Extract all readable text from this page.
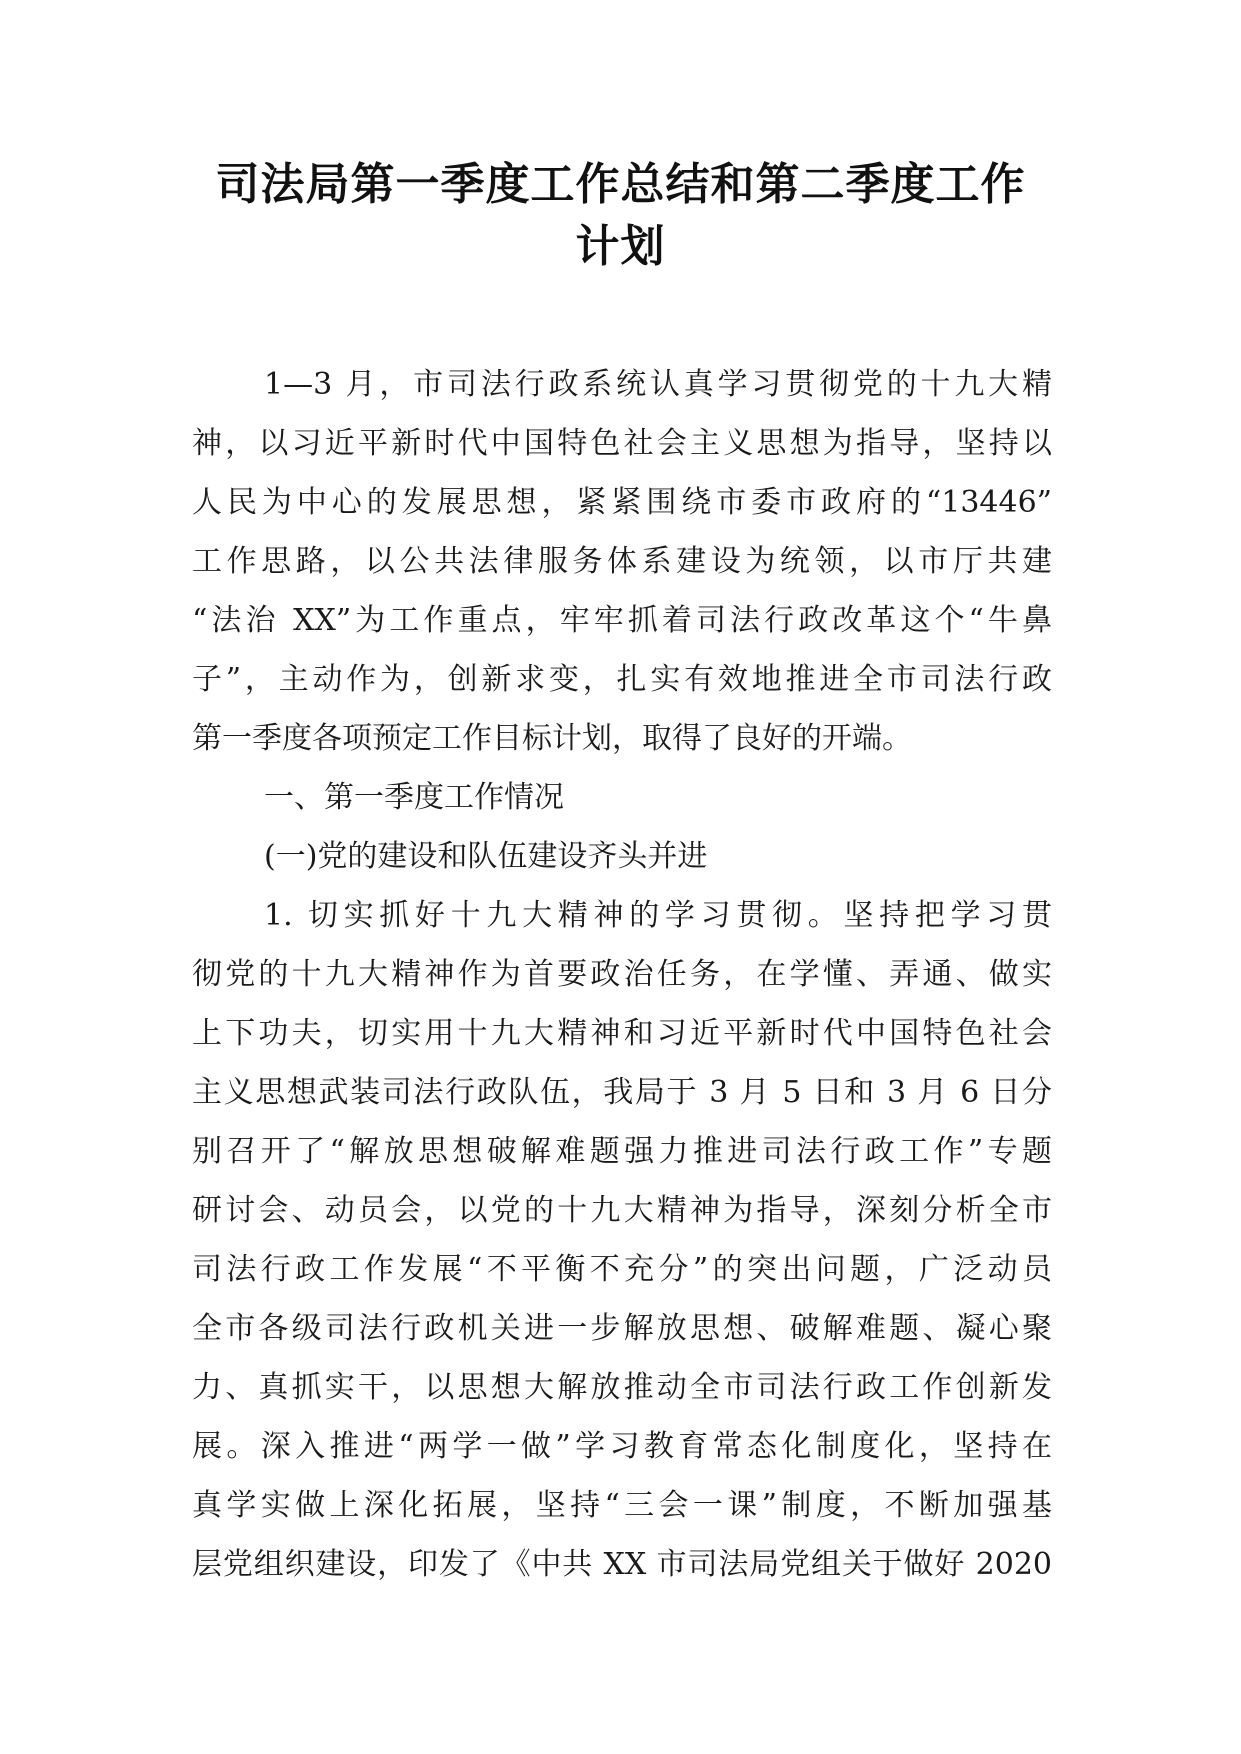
司法局第一季度工作总结和第二季度工作
计划
1—3 月，市司法行政系统认真学习贯彻党的十九大精
神，以习近平新时代中国特色社会主义思想为指导，坚持以
人民为中心的发展思想，紧紧围绕市委市政府的“13446”
工作思路，以公共法律服务体系建设为统领，以市厅共建
“法治 XX”为工作重点，牢牢抓着司法行政改革这个“牛鼻
子”，主动作为，创新求变，扎实有效地推进全市司法行政
第一季度各项预定工作目标计划，取得了良好的开端。
一、第一季度工作情况
(一)党的建设和队伍建设齐头并进
1. 切实抓好十九大精神的学习贯彻。坚持把学习贯
彻党的十九大精神作为首要政治任务，在学懂、弄通、做实
上下功夫，切实用十九大精神和习近平新时代中国特色社会
主义思想武装司法行政队伍，我局于 3 月 5 日和 3 月 6 日分
别召开了“解放思想破解难题强力推进司法行政工作”专题
研讨会、动员会，以党的十九大精神为指导，深刻分析全市
司法行政工作发展“不平衡不充分”的突出问题，广泛动员
全市各级司法行政机关进一步解放思想、破解难题、凝心聚
力、真抓实干，以思想大解放推动全市司法行政工作创新发
展。深入推进“两学一做”学习教育常态化制度化，坚持在
真学实做上深化拓展，坚持“三会一课”制度，不断加强基
层党组织建设，印发了《中共 XX 市司法局党组关于做好 2020
